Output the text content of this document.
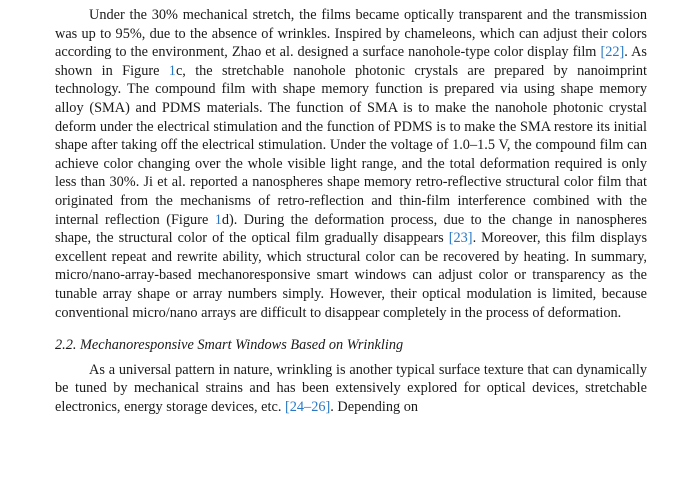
Under the 30% mechanical stretch, the films became optically transparent and the transmission was up to 95%, due to the absence of wrinkles. Inspired by chameleons, which can adjust their colors according to the environment, Zhao et al. designed a surface nanohole-type color display film [22]. As shown in Figure 1c, the stretchable nanohole photonic crystals are prepared by nanoimprint technology. The compound film with shape memory function is prepared via using shape memory alloy (SMA) and PDMS materials. The function of SMA is to make the nanohole photonic crystal deform under the electrical stimulation and the function of PDMS is to make the SMA restore its initial shape after taking off the electrical stimulation. Under the voltage of 1.0–1.5 V, the compound film can achieve color changing over the whole visible light range, and the total deformation required is only less than 30%. Ji et al. reported a nanospheres shape memory retro-reflective structural color film that originated from the mechanisms of retro-reflection and thin-film interference combined with the internal reflection (Figure 1d). During the deformation process, due to the change in nanospheres shape, the structural color of the optical film gradually disappears [23]. Moreover, this film displays excellent repeat and rewrite ability, which structural color can be recovered by heating. In summary, micro/nano-array-based mechanoresponsive smart windows can adjust color or transparency as the tunable array shape or array numbers simply. However, their optical modulation is limited, because conventional micro/nano arrays are difficult to disappear completely in the process of deformation.

2.2. Mechanoresponsive Smart Windows Based on Wrinkling

As a universal pattern in nature, wrinkling is another typical surface texture that can dynamically be tuned by mechanical strains and has been extensively explored for optical devices, stretchable electronics, energy storage devices, etc. [24–26]. Depending on
